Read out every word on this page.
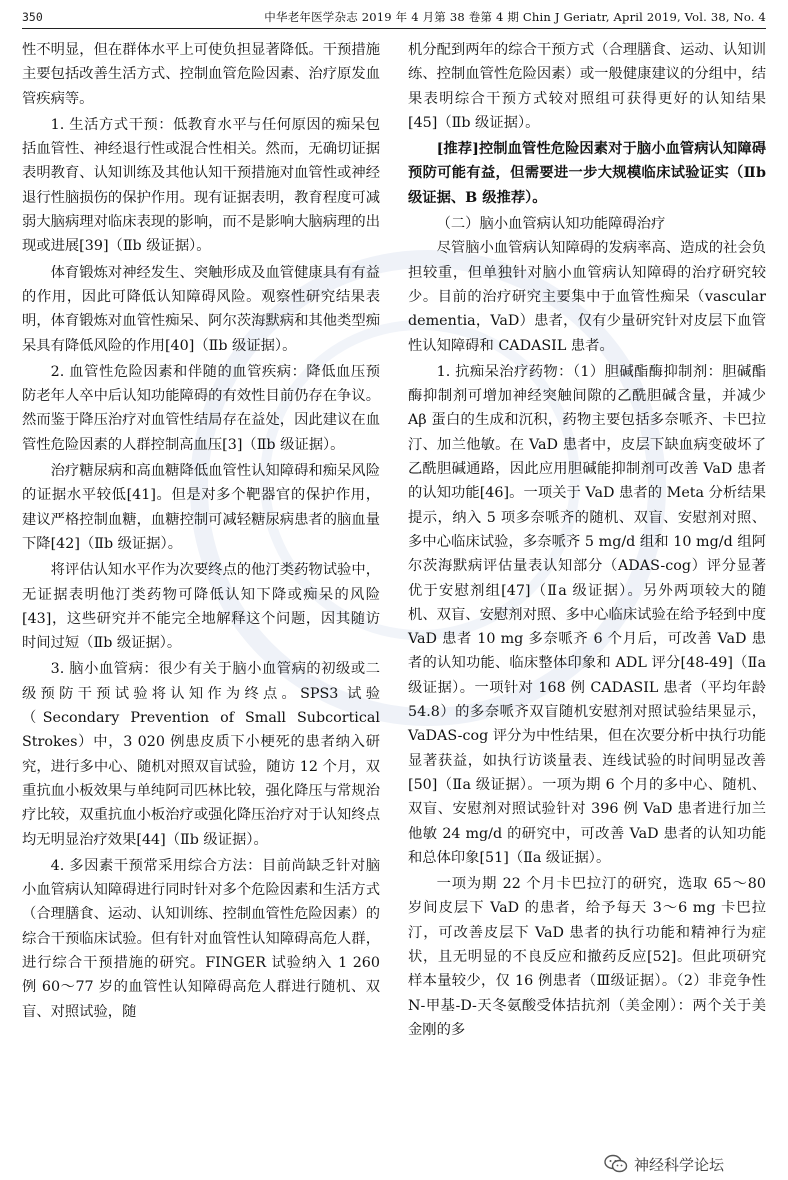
350	中华老年医学杂志 2019 年 4 月第 38 卷第 4 期 Chin J Geriatr, April 2019, Vol. 38, No. 4

性不明显，但在群体水平上可使负担显著降低。干预措施主要包括改善生活方式、控制血管危险因素、治疗原发血管疾病等。

1. 生活方式干预：低教育水平与任何原因的痴呆包括血管性、神经退行性或混合性相关。然而，无确切证据表明教育、认知训练及其他认知干预措施对血管性或神经退行性脑损伤的保护作用。现有证据表明，教育程度可减弱大脑病理对临床表现的影响，而不是影响大脑病理的出现或进展[39]（Ⅱb 级证据）。

体育锻炼对神经发生、突触形成及血管健康具有有益的作用，因此可降低认知障碍风险。观察性研究结果表明，体育锻炼对血管性痴呆、阿尔茨海默病和其他类型痴呆具有降低风险的作用[40]（Ⅱb 级证据）。

2. 血管性危险因素和伴随的血管疾病：降低血压预防老年人卒中后认知功能障碍的有效性目前仍存在争议。然而鉴于降压治疗对血管性结局存在益处，因此建议在血管性危险因素的人群控制高血压[3]（Ⅱb 级证据）。

治疗糖尿病和高血糖降低血管性认知障碍和痴呆风险的证据水平较低[41]。但是对多个靶器官的保护作用，建议严格控制血糖，血糖控制可减轻糖尿病患者的脑血量下降[42]（Ⅱb 级证据）。

将评估认知水平作为次要终点的他汀类药物试验中，无证据表明他汀类药物可降低认知下降或痴呆的风险[43]，这些研究并不能完全地解释这个问题，因其随访时间过短（Ⅱb 级证据）。

3. 脑小血管病：很少有关于脑小血管病的初级或二级预防干预试验将认知作为终点。SPS3 试验（Secondary Prevention of Small Subcortical Strokes）中，3 020 例患皮质下小梗死的患者纳入研究，进行多中心、随机对照双盲试验，随访 12 个月，双重抗血小板效果与单纯阿司匹林比较，强化降压与常规治疗比较，双重抗血小板治疗或强化降压治疗对于认知终点均无明显治疗效果[44]（Ⅱb 级证据）。

4. 多因素干预常采用综合方法：目前尚缺乏针对脑小血管病认知障碍进行同时针对多个危险因素和生活方式（合理膳食、运动、认知训练、控制血管性危险因素）的综合干预临床试验。但有针对血管性认知障碍高危人群，进行综合干预措施的研究。FINGER 试验纳入 1 260 例 60～77 岁的血管性认知障碍高危人群进行随机、双盲、对照试验，随

机分配到两年的综合干预方式（合理膳食、运动、认知训练、控制血管性危险因素）或一般健康建议的分组中，结果表明综合干预方式较对照组可获得更好的认知结果[45]（Ⅱb 级证据）。

[推荐]控制血管性危险因素对于脑小血管病认知障碍预防可能有益，但需要进一步大规模临床试验证实（Ⅱb 级证据、B 级推荐）。

（二）脑小血管病认知功能障碍治疗

尽管脑小血管病认知障碍的发病率高、造成的社会负担较重，但单独针对脑小血管病认知障碍的治疗研究较少。目前的治疗研究主要集中于血管性痴呆（vascular dementia，VaD）患者，仅有少量研究针对皮层下血管性认知障碍和 CADASIL 患者。

1. 抗痴呆治疗药物：（1）胆碱酯酶抑制剂：胆碱酯酶抑制剂可增加神经突触间隙的乙酰胆碱含量，并减少 Aβ 蛋白的生成和沉积，药物主要包括多奈哌齐、卡巴拉汀、加兰他敏。在 VaD 患者中，皮层下缺血病变破坏了乙酰胆碱通路，因此应用胆碱能抑制剂可改善 VaD 患者的认知功能[46]。一项关于 VaD 患者的 Meta 分析结果提示，纳入 5 项多奈哌齐的随机、双盲、安慰剂对照、多中心临床试验，多奈哌齐 5 mg/d 组和 10 mg/d 组阿尔茨海默病评估量表认知部分（ADAS-cog）评分显著优于安慰剂组[47]（Ⅱa 级证据）。另外两项较大的随机、双盲、安慰剂对照、多中心临床试验在给予轻到中度 VaD 患者 10 mg 多奈哌齐 6 个月后，可改善 VaD 患者的认知功能、临床整体印象和 ADL 评分[48-49]（Ⅱa 级证据）。一项针对 168 例 CADASIL 患者（平均年龄 54.8）的多奈哌齐双盲随机安慰剂对照试验结果显示，VaDAS-cog 评分为中性结果，但在次要分析中执行功能显著获益，如执行访谈量表、连线试验的时间明显改善[50]（Ⅱa 级证据）。一项为期 6 个月的多中心、随机、双盲、安慰剂对照试验针对 396 例 VaD 患者进行加兰他敏 24 mg/d 的研究中，可改善 VaD 患者的认知功能和总体印象[51]（Ⅱa 级证据）。

一项为期 22 个月卡巴拉汀的研究，选取 65～80 岁间皮层下 VaD 的患者，给予每天 3～6 mg 卡巴拉汀，可改善皮层下 VaD 患者的执行功能和精神行为症状，且无明显的不良反应和撤药反应[52]。但此项研究样本量较少，仅 16 例患者（Ⅲ级证据）。（2）非竞争性 N-甲基-D-天冬氨酸受体拮抗剂（美金刚）：两个关于美金刚的多

神经科学论坛
